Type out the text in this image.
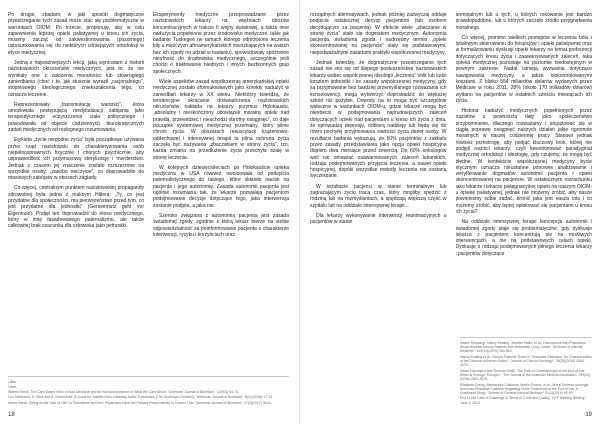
Po drugie, zbadam, w jaki sposób dogmatyczne przestrzeganie tych zasad może stać się problematyczne w warunkach OIOM. Po trzecie, proponuję, aby w celu zapewnienia lepszej opieki paliatywnej u kresu ich życia, musimy zacząć od zakwestionowania (pozornego) ustosunkowania się do niektórych istniejących ortodoksji w etyce medycznej.

Jedną z najważniejszych lekcji, jaką wyniosłam z historii nazistowskich okrucieństw medycznych, jest to, że nie wynikały one z założenia moralności lub złowrogiego zaniedbania (choć i te, jak słusznie wyraził „racjonalnego”, stopniowego ideologicznego zniekształcenia tego, co oznacza leczenie.

Reprezentowały „transmutację wartości”, która umożliwiała postępującą medykalizacji zabijania jako terapeutycznego oczyszczenia ciała politycznego i powodowała od objęcie codziennych, biurokratycznych zadań medycznych od rozlegnego rozumowania.

Etykieta „życie niegodne życia” była początkowo używana przez rząd nazistowski do charakteryzowania osób niepełnosprawnych fizycznie i chorych psychicznie, aby usprawiedliwić ich przymusową sterylizację i morderstwo. Jednak z czasem jej znaczenie zostało rozszerzone na wszystkie osoby, „zasobo nieczyste”, co doprowadziło do masowych zabójstw w obozach zagłady.

Co więcej, centralnym punktem nazistowskiej propagandy zdrowotnej była jedna z maksym Hitlera: „Ty, co jest przydatne dla społeczności, ma pierwszeństwo przed tym, co jest przydatne dla jednostki” (Gemeinnutz geht vor Eigennutz). Podjęł ten doprowadził do etosu medycznego, który w imię fasadowanego paternalizmu, ale także całkowitej brak szacunku dla człowieka jako jednostki.

Eksperymenty medyczne przeprowadzane przez nazistowskich lekarzy na więźniach obozów koncentracyjnych w trakcie II wojny światowej, a także inne nadużycia popełnione przez środowisko medyczne, takie jak badanie Tuskegee (w ramach którego odmówiono leczenia kiły u mężczyzn afroamerykańskich mieszkających na wsiach bez ich zgody na udział w badaniu), spowodowały spóźnione nieufność do środowiska medycznego, szczególnie jeśli chodzi o traktowanie biednych i innych bezbronnych grup społecznych.

Wiele aspektów zasad współczesnej amerykańskiej opieki medycznej zostało sformułowanych jako korekty nadużyć w zaniedbań lekarzy w XX wieku. Niektórzy twierdzą, że tendencyjne skracanie doświadczenia nazistowskich okrucieństw nakłada na lekarzy przymus Holokaustu, „absolutny i nieskończony obowiązek moralny opieki nad prawdą, przewidzieć i nieuchodzi obrotny osiągnięć”, co daje początek systemowej medycznej przemiany, który pilnie chroni życia. W obszarach resuscytacji krążeniowo-oddechowej i intensywnej terapii ta pilna ochrona życia zaczęła być nazywana „zbaczaniem w strony życia”, tzn. każda zmiana na przedłużenie życia przechyla szalę w stronę leczenia.

W kolejnych dziesięcioleciach po Holokauście opieka medyczna w USA również ewoluowała od podejścia paternalistycznego do takiego, które skłaniło nacisk na pacjenta i jego autonomię. Zasada autonomii pacjenta jest ogólnie rozumiana tak, że lekarze pozwalają pacjentom podejmowanie decyzje dotyczące tego, jaka interwencja zostanie podjęta, a jaka nie.

Szeroko związana z autonomią pacjenta jest zasada świadomej zgody, zgodnie z którą lekarz bierze na siebie odpowiedzialność za poinformowanie pacjenta o charakterze interwencji, ryzyku i korzyściach oraz

Lifton.

Lifton.

Warren Reich, The Care-Based Ethic of Nazi Medicine and the Moral Importance of What We Care About, “American Journal of Bioethics”, 1(2001) 64-74.

Leo Schinneru, S. Glick and B. Gesundheit, A Quest for Justified Non-Voluntary Active Euthanasia (The Groningen Protocol), “American Journal of Bioethics”, 8(11)(2008) 17-19.

Arthur Derse, Erring on the Side of Life? Is Sometimes an Error: Physicians Have the Primary Responsibility to Correct This, “American Journal of Bioethics”, 17(2)(2017) 39-41.

18

rozsądnych alternatywach, jednak później zazwyczaj oddaje podjęcia ostatecznej decyzji pacjentom (lub osobom decydującym za pacjenta). W efekcie wiele „zbaczanie w stronę życia” stało się dogmatem medycznym. Autonomia pacjenta, świadoma zgoda i nadrzędny termin „opieki skoncentrowanej na pacjencie” stały się podstawowymi, niepodważalnymi zasadami praktyki współczesnej medycyny.

Jednak twierdzę, że dogmatyczne przestrzeganie tych zasad nie stoi się od ślepego posłuszeństwa nazistowskich lekarzy wobec współczesnej ideologii „leczenia” Volk lub ludzi kosztem jednostki i że zasady współczesnej medycyny, gdy są przyjmowane bez bardziej przemyślanego rozważania ich konsekwencji, mogą wytworzyć doprowadzić do większej szkód niż pożytek. Dowody na to mogą być szczególnie widoczne w warunkach OIOM-u, gdzie lekarze mogą być nieobecni w podejmowaniu najtrudniejszych zaleceń dotyczących opieki nad pacjentami u kresu ich życia z dnia, że sprowadzą depresję, odbiorą nadzieję lub będą się do równi pochylej przyjmowania wartości życia danej osoby. W rezultacie badania wykazują, że 50% pacjentów z zakładu przez zasady przedstawiania jako opcja opieki hospicyjna doplero dwa miesiące przed śmiercią. Do 60% onkologów woli nie omawiać zaawansowanych zaleceń lekarskich, rodzaju podejmowanych przyjęcia leczenia, a nawet opieki hospicyjnej, dopóki wszystkie metody leczenia nie zostaną wyczerpane.

W rezultacie pacjenci w stanie terminalnym lub zagrażającym życiu tracą czas, który mogliby spędzić z rodziną lub na rozmyślaniach, a spędzają większą część w szpitalu lub na oddziale intensywnej terapii...

Dla lekarzy wykonywanie interwencji reanimacyjnych u pacjentów w stanie

terminalnym lub u tych, u których rokowanie jest bardzo prawdopodobne, lub u których zaczęło źródło przygnębienia moralnego.

Co więcej, pomimo wielkich postępów w leczeniu bólu i tytułowym skierowaniu do hospicjów i opieki paliatywnej oraz w formalizowaniu dyskusji opieki lekarzy na temat preferencji dotyczących kresu życia i zaawansowanych zaleceń, taka opieka medycznej pozostaje na poziomie niedostępnym w pewnym zakresie. Nadal istnieją wyzwania dotyczące nawigowania medycyny, a także niekontrolowanymi kosztami. Z blisko 554 miliardów dolarów wydanych przez Medicare w roku 2011, 28% (około 170 miliardów dolarów) wydano na pacjentów w ostatnich sześciu miesiącach ich życia.

Historia nadużyć medycznych popełnionych przez nazistów z pewnością dały jako społeczeństwo przypomnienie, dlaczego rozważamy i angażować się w ciągłą poprawę osiągnięć naszych działań jakie ogromnie moralnych w naszej codziennej pracy. Stanowi jednak również przestrogę, aby podjąć kluczowy krok, której nie podjęli naziści lekarzy: czyli kwestionować paradygmat medycznej ortodoksji i ideologię, gdy czujemy, że mogą być błędne. W kontekście współczesnej medycyny bycie etycznym oznacza nieustanne ponowne analizowanie i weryfikowanie dogmatów autonomii pacjenta i opieki skoncentrowanej na pacjencie. W ostatecznym rozrachunku jako lekarze i lekarze pielęgnacyjnej opieki na naszym OIOM-u opiekę paliatywnej, jednak nie możemy zrobić, aby nasze powinniśmy sobie zadać, bronić jaka jest nasza rola i co możemy zrobić, aby lepiej opiekować się pacjentami u kresu ich życia?

Na oddziale intensywnej terapii koncepcja autonomii i świadomej zgody staje się problematyczne, gdy dyskusje lekarza z pacjentem koncentrują się na możliwych interwencjach, a nie na podstawowych celach opieki. Dyskusje o rodzaju podejmowanych pilnego leczenia lekarzy i pacjentów dotyczące

Haden Huskamp, Nancy Keating, Jennifer Malin, et al., Discussions with Physicians About Hospice Among Patients with Metastatic Lung Cancer, “Archives of Internal Medicine”, 169(10)(2009) 954-962.

Nancy Keating et al., Cancer Patients’ Roles in Treatment Decisions: Do Characteristics of the Decision Influence Roles? “Journal of Clinical Oncology”, 28(28)(2010) 4364-4370.

Sarah Harrington and Thomas Smith, The Role of Chemotherapy at the End of Life: When is Enough, Enough?, “The Journal of the American Medical Association” 299(22)(2008) 2667-2678.

Elizabeth Dzeng, Alessandra Colaianni, Martin Roland, et al., Moral Distress Amongst American Physician Trainees Regarding Futile Treatments at the End of Life: A Qualitative Study, “Journal of General Internal Medicine” 31(1)(2016) 93-99.

End of Life Care: A Challenge in Terms of Costs and Quality, “KFF Meeting Briefing”, June 4, 2013.

19
